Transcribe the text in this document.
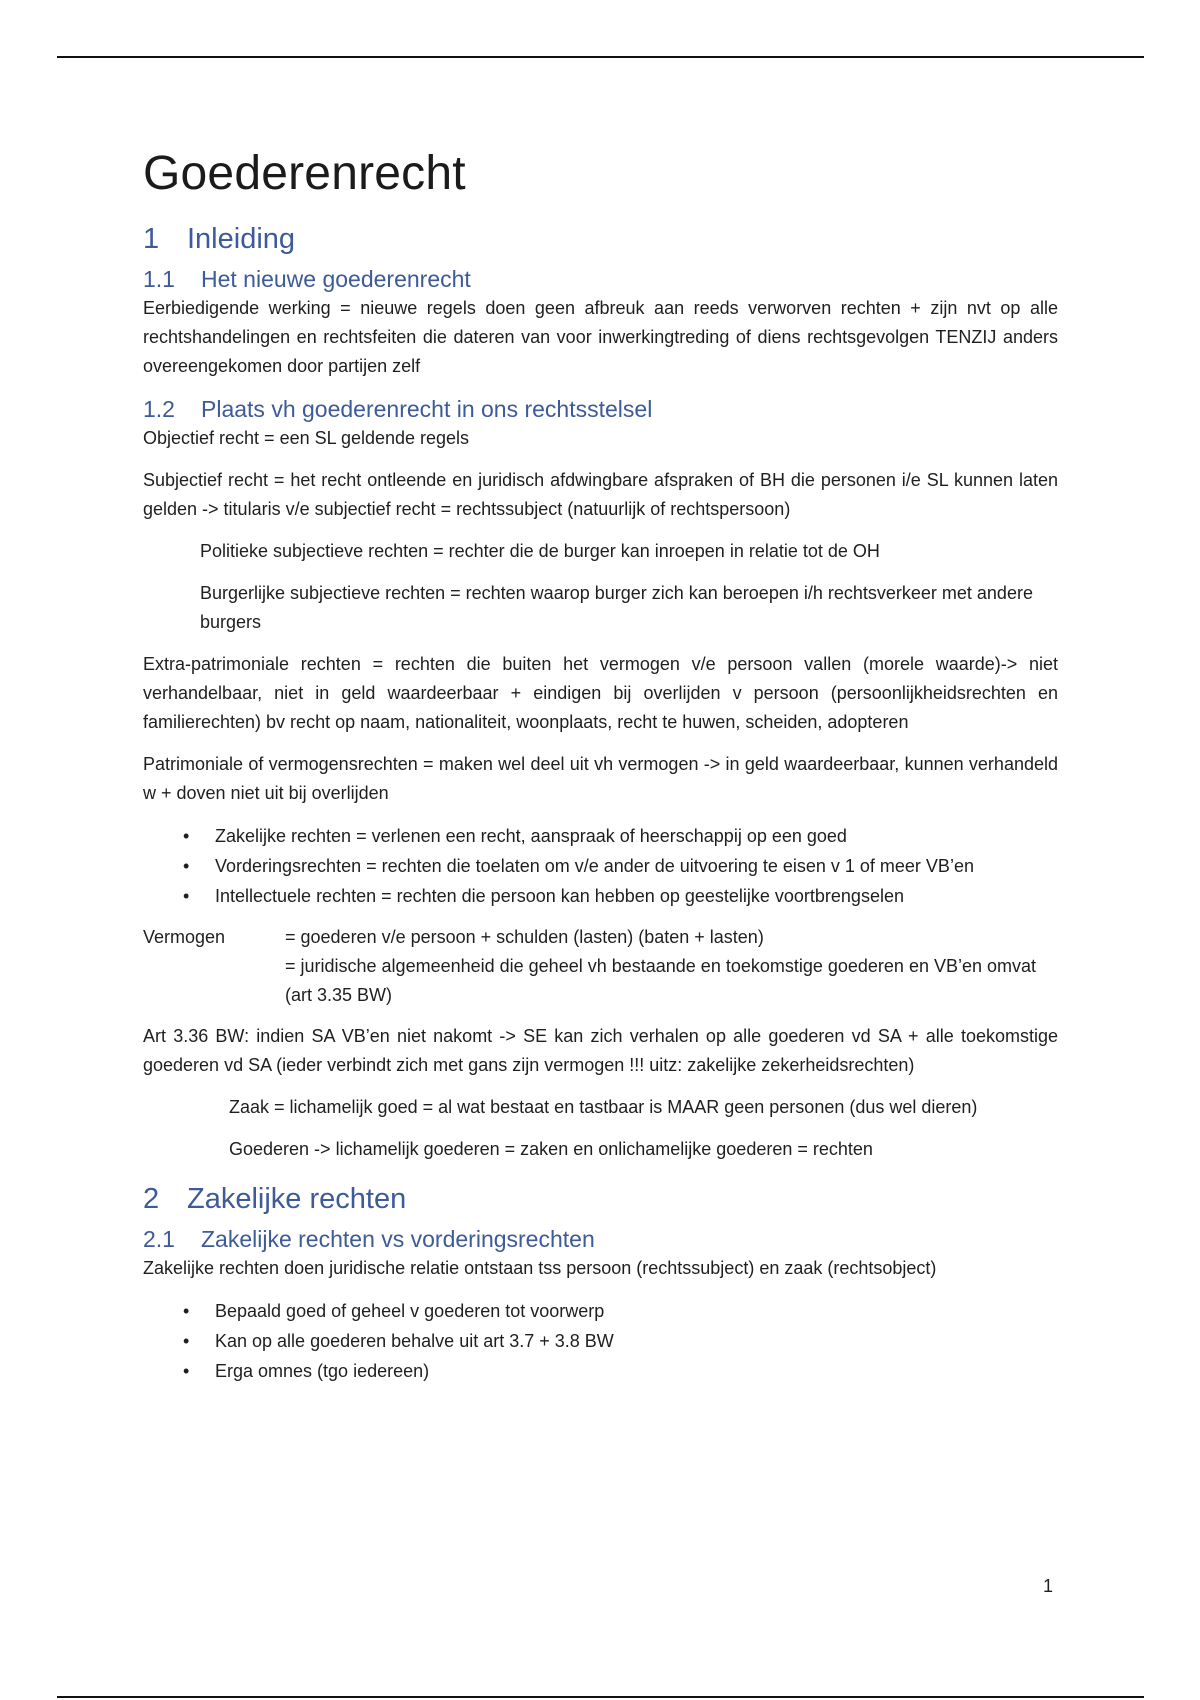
Goederenrecht
1 Inleiding
1.1 Het nieuwe goederenrecht

Eerbiedigende werking = nieuwe regels doen geen afbreuk aan reeds verworven rechten + zijn nvt op alle rechtshandelingen en rechtsfeiten die dateren van voor inwerkingtreding of diens rechtsgevolgen TENZIJ anders overeengekomen door partijen zelf

1.2 Plaats vh goederenrecht in ons rechtsstelsel

Objectief recht = een SL geldende regels

Subjectief recht = het recht ontleende en juridisch afdwingbare afspraken of BH die personen i/e SL kunnen laten gelden -> titularis v/e subjectief recht = rechtssubject (natuurlijk of rechtspersoon)

Politieke subjectieve rechten = rechter die de burger kan inroepen in relatie tot de OH

Burgerlijke subjectieve rechten = rechten waarop burger zich kan beroepen i/h rechtsverkeer met andere burgers

Extra-patrimoniale rechten = rechten die buiten het vermogen v/e persoon vallen (morele waarde)-> niet verhandelbaar, niet in geld waardeerbaar + eindigen bij overlijden v persoon (persoonlijkheidsrechten en familierechten) bv recht op naam, nationaliteit, woonplaats, recht te huwen, scheiden, adopteren

Patrimoniale of vermogensrechten = maken wel deel uit vh vermogen -> in geld waardeerbaar, kunnen verhandeld w + doven niet uit bij overlijden

• Zakelijke rechten = verlenen een recht, aanspraak of heerschappij op een goed
• Vorderingsrechten = rechten die toelaten om v/e ander de uitvoering te eisen v 1 of meer VB’en
• Intellectuele rechten = rechten die persoon kan hebben op geestelijke voortbrengselen
Vermogen	= goederen v/e persoon + schulden (lasten) (baten + lasten)
= juridische algemeenheid die geheel vh bestaande en toekomstige goederen en VB’en omvat (art 3.35 BW)

Art 3.36 BW: indien SA VB’en niet nakomt -> SE kan zich verhalen op alle goederen vd SA + alle toekomstige goederen vd SA (ieder verbindt zich met gans zijn vermogen !!! uitz: zakelijke zekerheidsrechten)

Zaak = lichamelijk goed = al wat bestaat en tastbaar is MAAR geen personen (dus wel dieren)

Goederen -> lichamelijk goederen = zaken en onlichamelijke goederen = rechten

2 Zakelijke rechten
2.1 Zakelijke rechten vs vorderingsrechten

Zakelijke rechten doen juridische relatie ontstaan tss persoon (rechtssubject) en zaak (rechtsobject)

• Bepaald goed of geheel v goederen tot voorwerp
• Kan op alle goederen behalve uit art 3.7 + 3.8 BW
• Erga omnes (tgo iedereen)
1
